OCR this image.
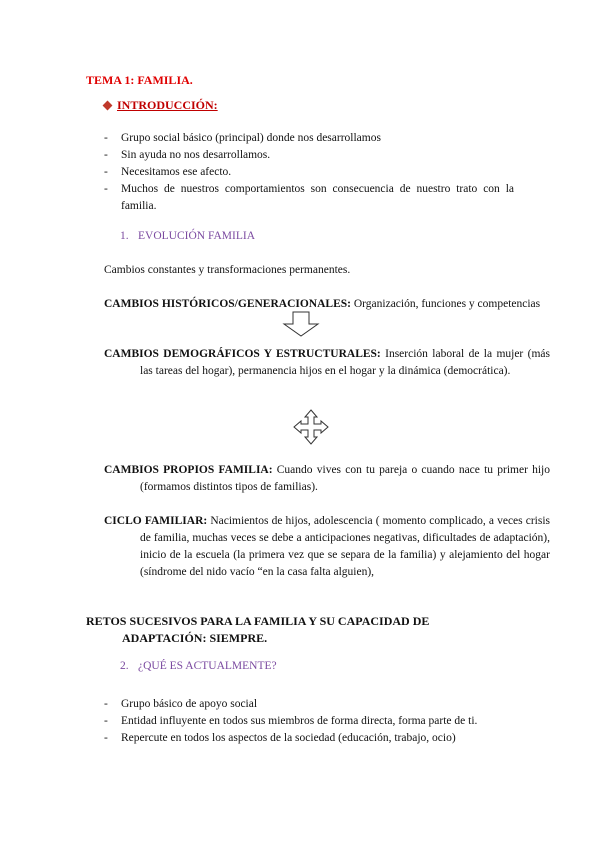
TEMA 1: FAMILIA.
INTRODUCCIÓN:
- Grupo social básico (principal) donde nos desarrollamos
- Sin ayuda no nos desarrollamos.
- Necesitamos ese afecto.
- Muchos de nuestros comportamientos son consecuencia de nuestro trato con la familia.
1. EVOLUCIÓN FAMILIA
Cambios constantes y transformaciones permanentes.
CAMBIOS HISTÓRICOS/GENERACIONALES: Organización, funciones y competencias
CAMBIOS DEMOGRÁFICOS Y ESTRUCTURALES: Inserción laboral de la mujer (más las tareas del hogar), permanencia hijos en el hogar y la dinámica (democrática).
CAMBIOS PROPIOS FAMILIA: Cuando vives con tu pareja o cuando nace tu primer hijo (formamos distintos tipos de familias).
CICLO FAMILIAR: Nacimientos de hijos, adolescencia ( momento complicado, a veces crisis de familia, muchas veces se debe a anticipaciones negativas, dificultades de adaptación), inicio de la escuela (la primera vez que se separa de la familia) y alejamiento del hogar (síndrome del nido vacío “en la casa falta alguien),
RETOS SUCESIVOS PARA LA FAMILIA Y SU CAPACIDAD DE
ADAPTACIÓN: SIEMPRE.
2. ¿QUÉ ES ACTUALMENTE?
- Grupo básico de apoyo social
- Entidad influyente en todos sus miembros de forma directa, forma parte de ti.
- Repercute en todos los aspectos de la sociedad (educación, trabajo, ocio)
